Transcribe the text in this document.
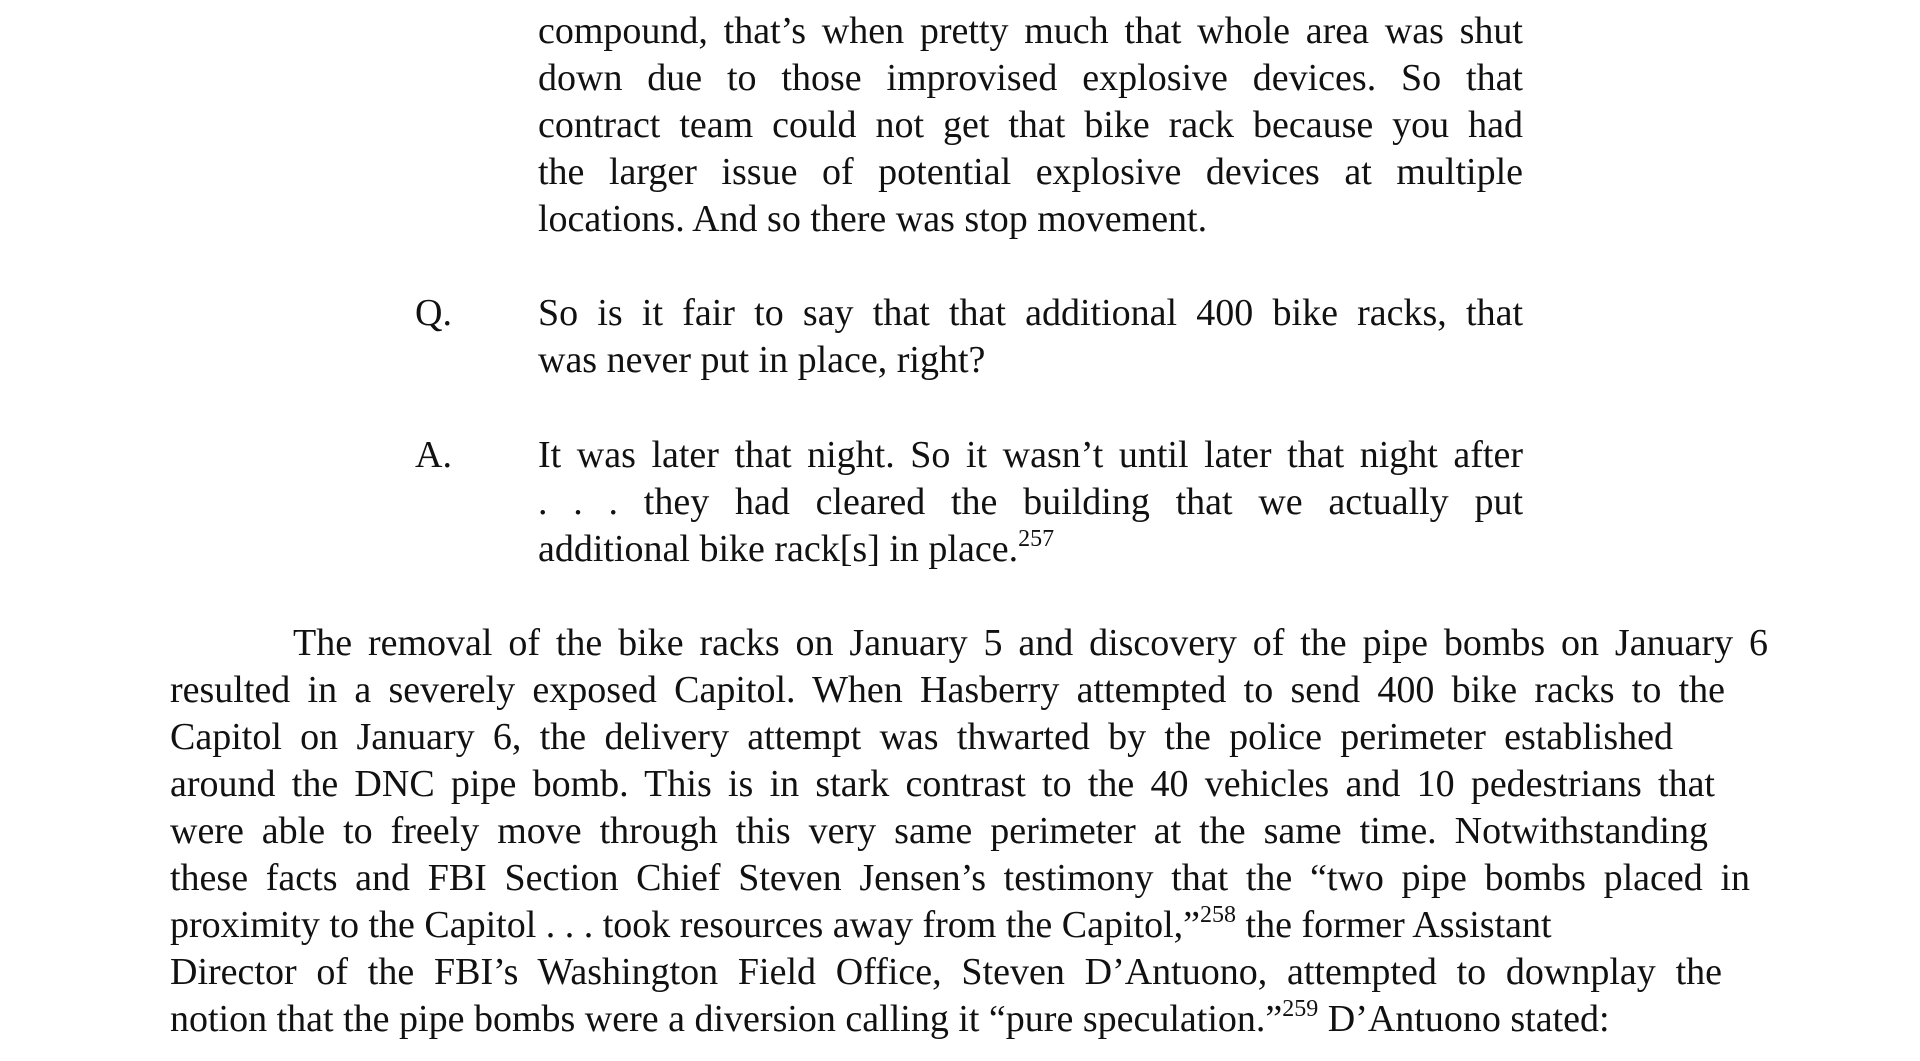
compound, that’s when pretty much that whole area was shut
down due to those improvised explosive devices. So that
contract team could not get that bike rack because you had
the larger issue of potential explosive devices at multiple
locations. And so there was stop movement.
Q. So is it fair to say that that additional 400 bike racks, that
was never put in place, right?
A. It was later that night. So it wasn’t until later that night after
. . . they had cleared the building that we actually put
additional bike rack[s] in place.$^{257}$
The removal of the bike racks on January 5 and discovery of the pipe bombs on January 6
resulted in a severely exposed Capitol. When Hasberry attempted to send 400 bike racks to the
Capitol on January 6, the delivery attempt was thwarted by the police perimeter established
around the DNC pipe bomb. This is in stark contrast to the 40 vehicles and 10 pedestrians that
were able to freely move through this very same perimeter at the same time. Notwithstanding
these facts and FBI Section Chief Steven Jensen’s testimony that the “two pipe bombs placed in
proximity to the Capitol . . . took resources away from the Capitol,”$^{258}$ the former Assistant
Director of the FBI’s Washington Field Office, Steven D’Antuono, attempted to downplay the
notion that the pipe bombs were a diversion calling it “pure speculation.”$^{259}$ D’Antuono stated:
